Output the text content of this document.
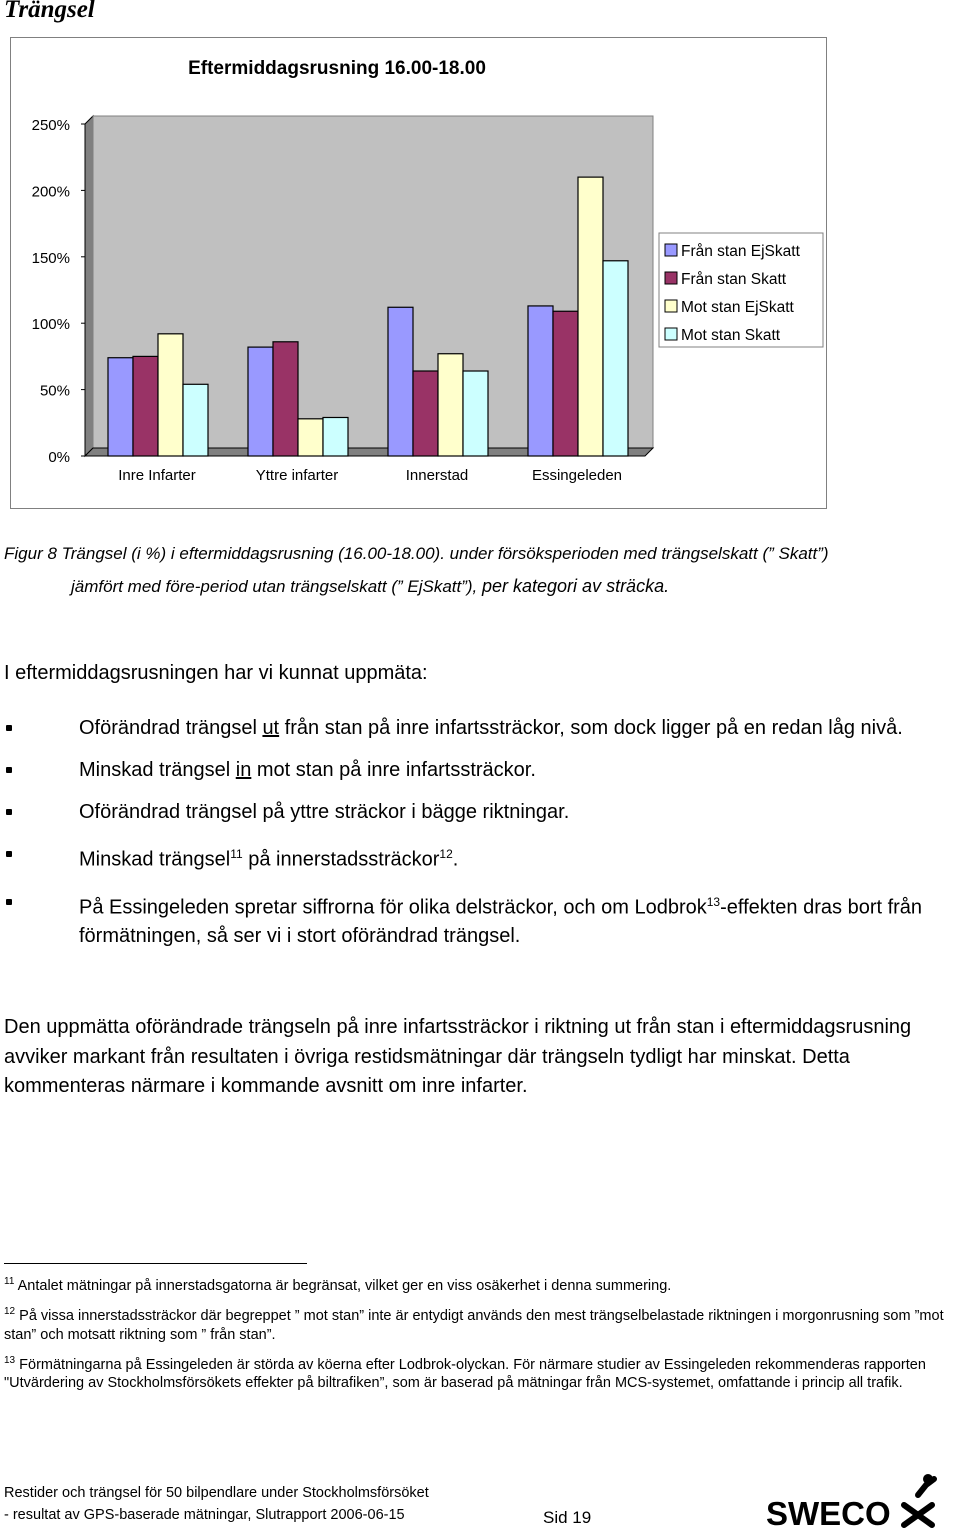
Trängsel
Eftermiddagsrusning 16.00-18.00
0%
50%
100%
150%
200%
250%
Inre Infarter	Yttre infarter	Innerstad	Essingeleden
Från stan EjSkatt
Från stan Skatt
Mot stan EjSkatt
Mot stan Skatt
Figur 8 Trängsel (i %) i eftermiddagsrusning (16.00-18.00). under försöksperioden med trängselskatt (” Skatt”)
jämfört med före-period utan trängselskatt (” EjSkatt”), per kategori av sträcka.
I eftermiddagsrusningen har vi kunnat uppmäta:
Oförändrad trängsel ut från stan på inre infartssträckor, som dock ligger på en redan låg nivå.
Minskad trängsel in mot stan på inre infartssträckor.
Oförändrad trängsel på yttre sträckor i bägge riktningar.
Minskad trängsel$^{11}$ på innerstadssträckor$^{12}$.
På Essingeleden spretar siffrorna för olika delsträckor, och om Lodbrok$^{13}$-effekten dras bort från förmätningen, så ser vi i stort oförändrad trängsel.
Den uppmätta oförändrade trängseln på inre infartssträckor i riktning ut från stan i eftermiddagsrusning avviker markant från resultaten i övriga restidsmätningar där trängseln tydligt har minskat. Detta kommenteras närmare i kommande avsnitt om inre infarter.

$^{11}$ Antalet mätningar på innerstadsgatorna är begränsat, vilket ger en viss osäkerhet i denna summering.

$^{12}$ På vissa innerstadssträckor där begreppet ” mot stan” inte är entydigt används den mest trängselbelastade riktningen i morgonrusning som ”mot stan” och motsatt riktning som ” från stan”.

$^{13}$ Förmätningarna på Essingeleden är störda av köerna efter Lodbrok-olyckan. För närmare studier av Essingeleden rekommenderas rapporten "Utvärdering av Stockholmsförsökets effekter på biltrafiken”, som är baserad på mätningar från MCS-systemet, omfattande i princip all trafik.

Restider och trängsel för 50 bilpendlare under Stockholmsförsöket
- resultat av GPS-baserade mätningar, Slutrapport 2006-06-15	Sid 19	SWECO
